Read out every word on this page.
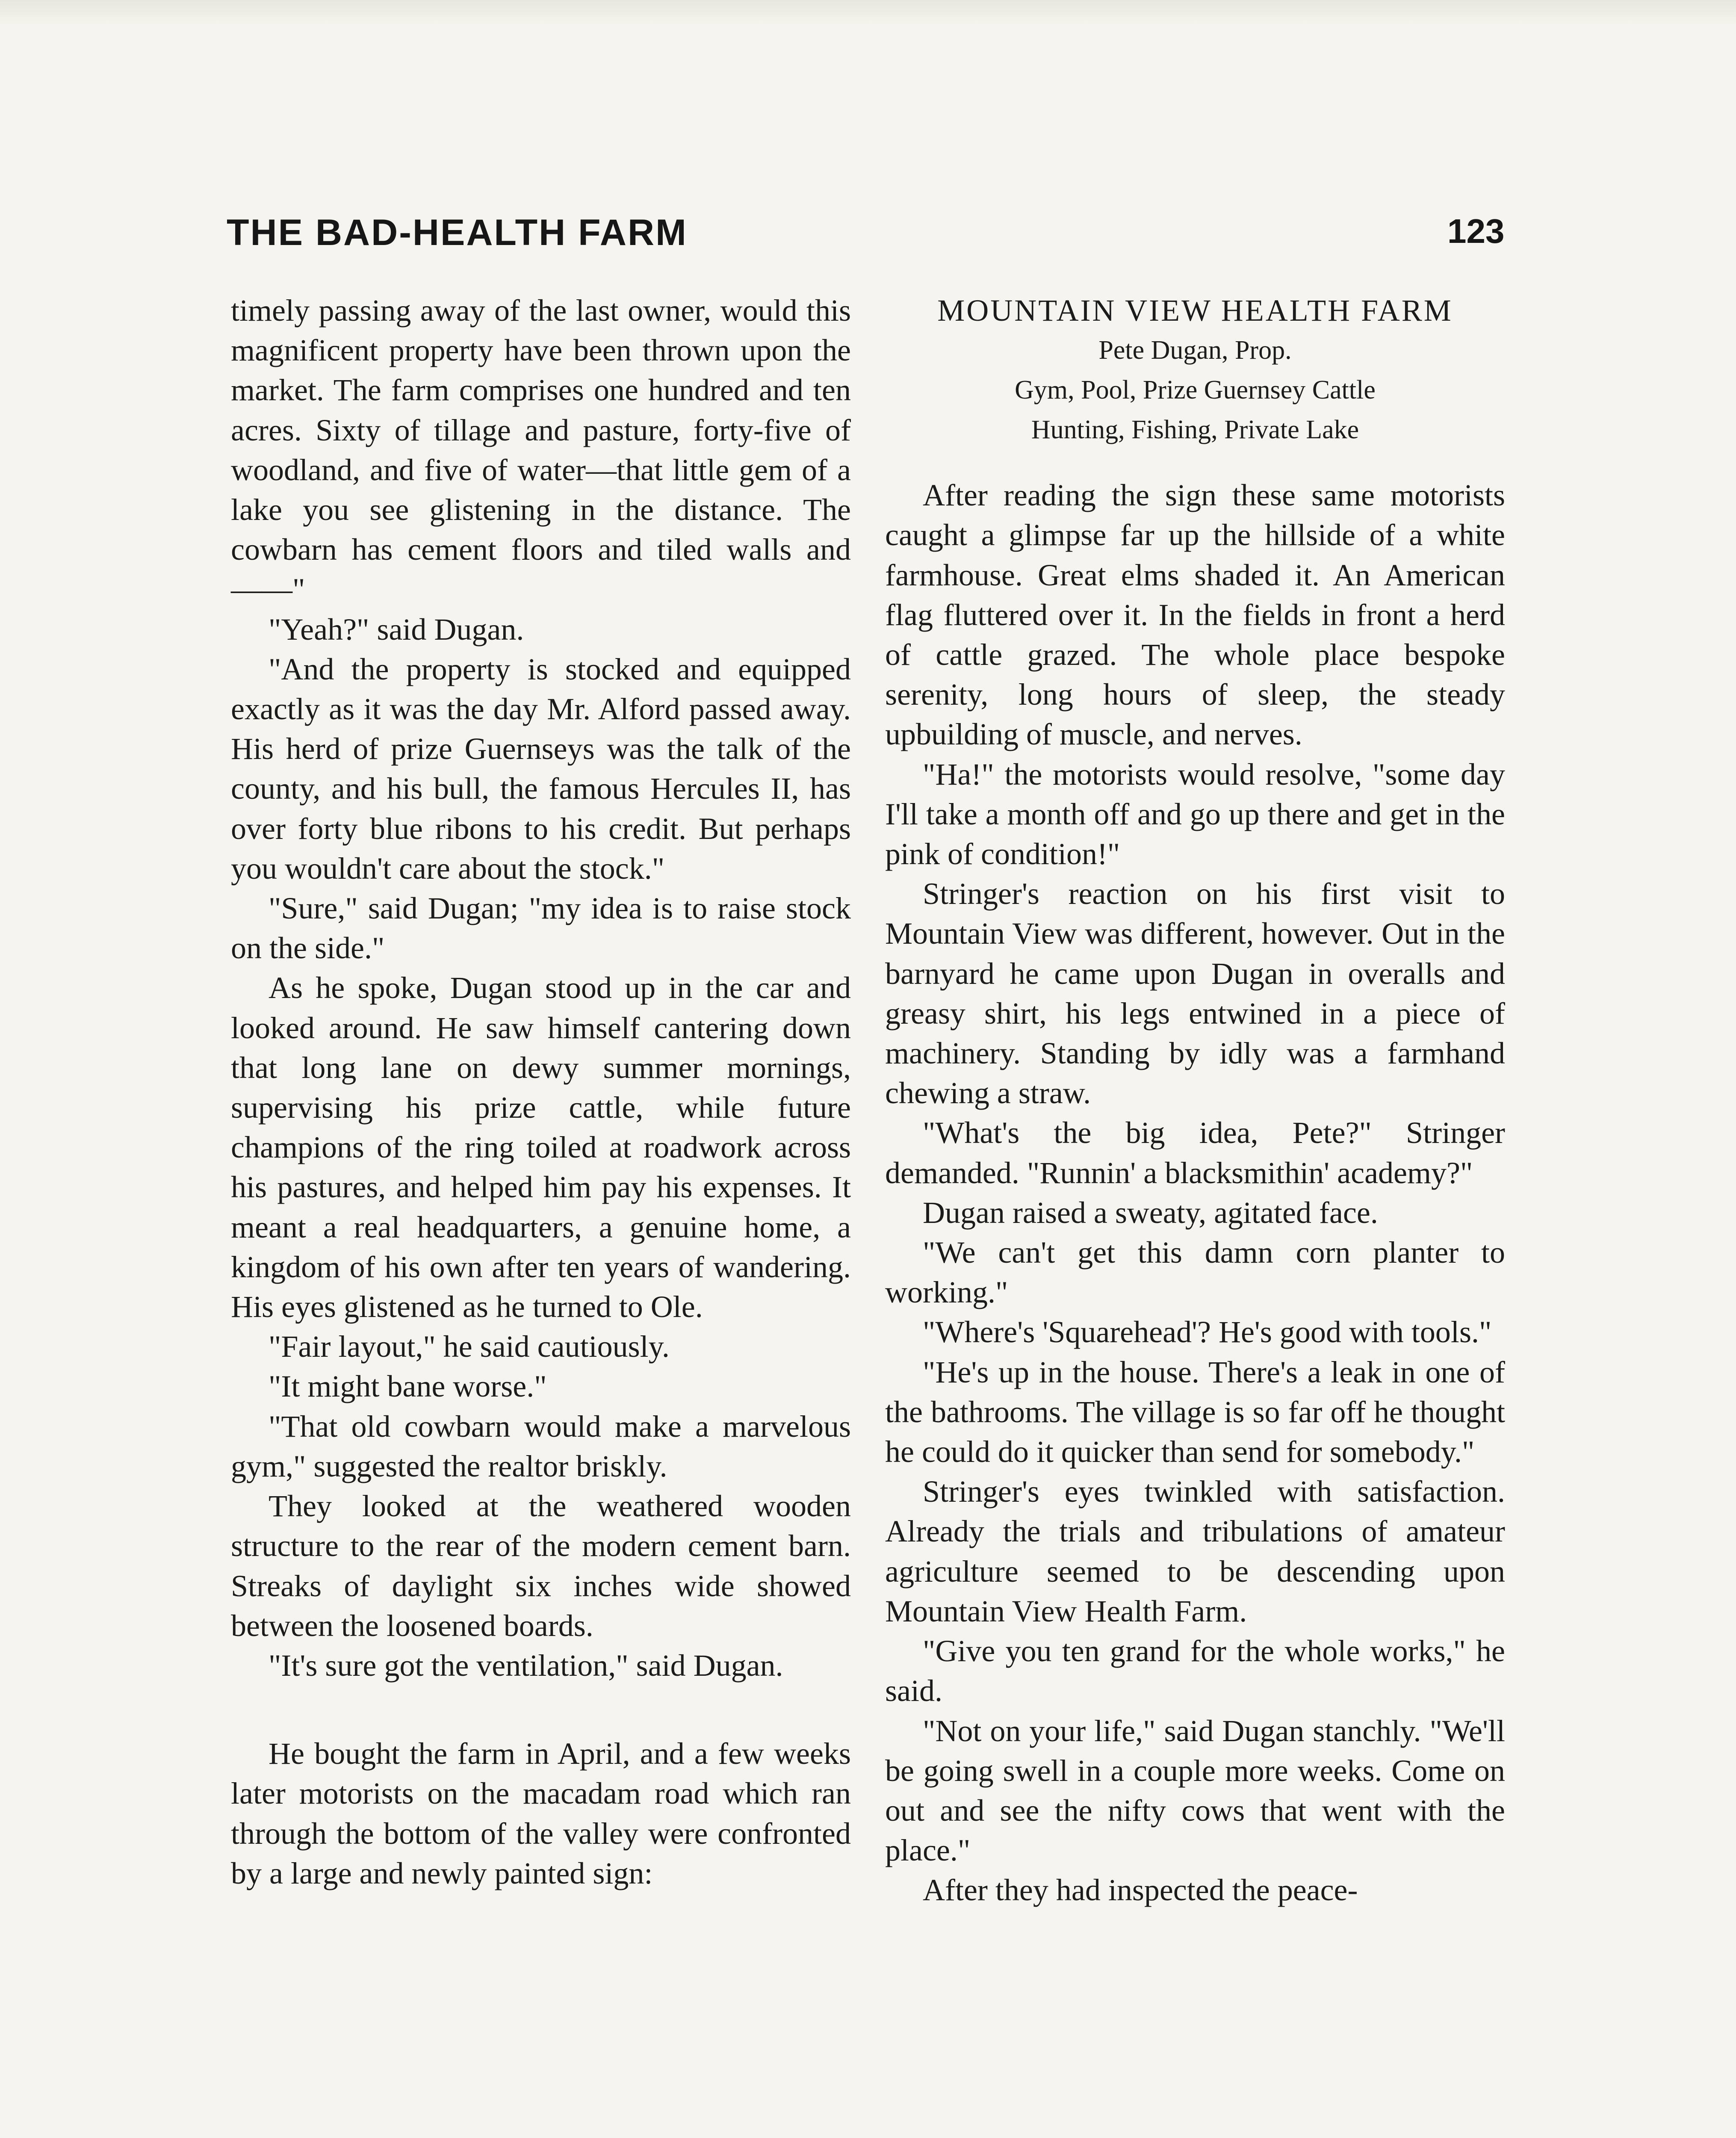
THE BAD-HEALTH FARM	123

timely passing away of the last owner, would this magnificent property have been thrown upon the market. The farm comprises one hundred and ten acres. Sixty of tillage and pasture, forty-five of woodland, and five of water—that little gem of a lake you see glistening in the distance. The cowbarn has cement floors and tiled walls and——"

"Yeah?" said Dugan.

"And the property is stocked and equipped exactly as it was the day Mr. Alford passed away. His herd of prize Guernseys was the talk of the county, and his bull, the famous Hercules II, has over forty blue ribons to his credit. But perhaps you wouldn't care about the stock."

"Sure," said Dugan; "my idea is to raise stock on the side."

As he spoke, Dugan stood up in the car and looked around. He saw himself cantering down that long lane on dewy summer mornings, supervising his prize cattle, while future champions of the ring toiled at roadwork across his pastures, and helped him pay his expenses. It meant a real headquarters, a genuine home, a kingdom of his own after ten years of wandering. His eyes glistened as he turned to Ole.

"Fair layout," he said cautiously.

"It might bane worse."

"That old cowbarn would make a marvelous gym," suggested the realtor briskly.

They looked at the weathered wooden structure to the rear of the modern cement barn. Streaks of daylight six inches wide showed between the loosened boards.

"It's sure got the ventilation," said Dugan.

He bought the farm in April, and a few weeks later motorists on the macadam road which ran through the bottom of the valley were confronted by a large and newly painted sign:

MOUNTAIN VIEW HEALTH FARM

Pete Dugan, Prop.

Gym, Pool, Prize Guernsey Cattle

Hunting, Fishing, Private Lake

After reading the sign these same motorists caught a glimpse far up the hillside of a white farmhouse. Great elms shaded it. An American flag fluttered over it. In the fields in front a herd of cattle grazed. The whole place bespoke serenity, long hours of sleep, the steady upbuilding of muscle, and nerves.

"Ha!" the motorists would resolve, "some day I'll take a month off and go up there and get in the pink of condition!"

Stringer's reaction on his first visit to Mountain View was different, however. Out in the barnyard he came upon Dugan in overalls and greasy shirt, his legs entwined in a piece of machinery. Standing by idly was a farmhand chewing a straw.

"What's the big idea, Pete?" Stringer demanded. "Runnin' a blacksmithin' academy?"

Dugan raised a sweaty, agitated face.

"We can't get this damn corn planter to working."

"Where's 'Squarehead'? He's good with tools."

"He's up in the house. There's a leak in one of the bathrooms. The village is so far off he thought he could do it quicker than send for somebody."

Stringer's eyes twinkled with satisfaction. Already the trials and tribulations of amateur agriculture seemed to be descending upon Mountain View Health Farm.

"Give you ten grand for the whole works," he said.

"Not on your life," said Dugan stanchly. "We'll be going swell in a couple more weeks. Come on out and see the nifty cows that went with the place."

After they had inspected the peace-
